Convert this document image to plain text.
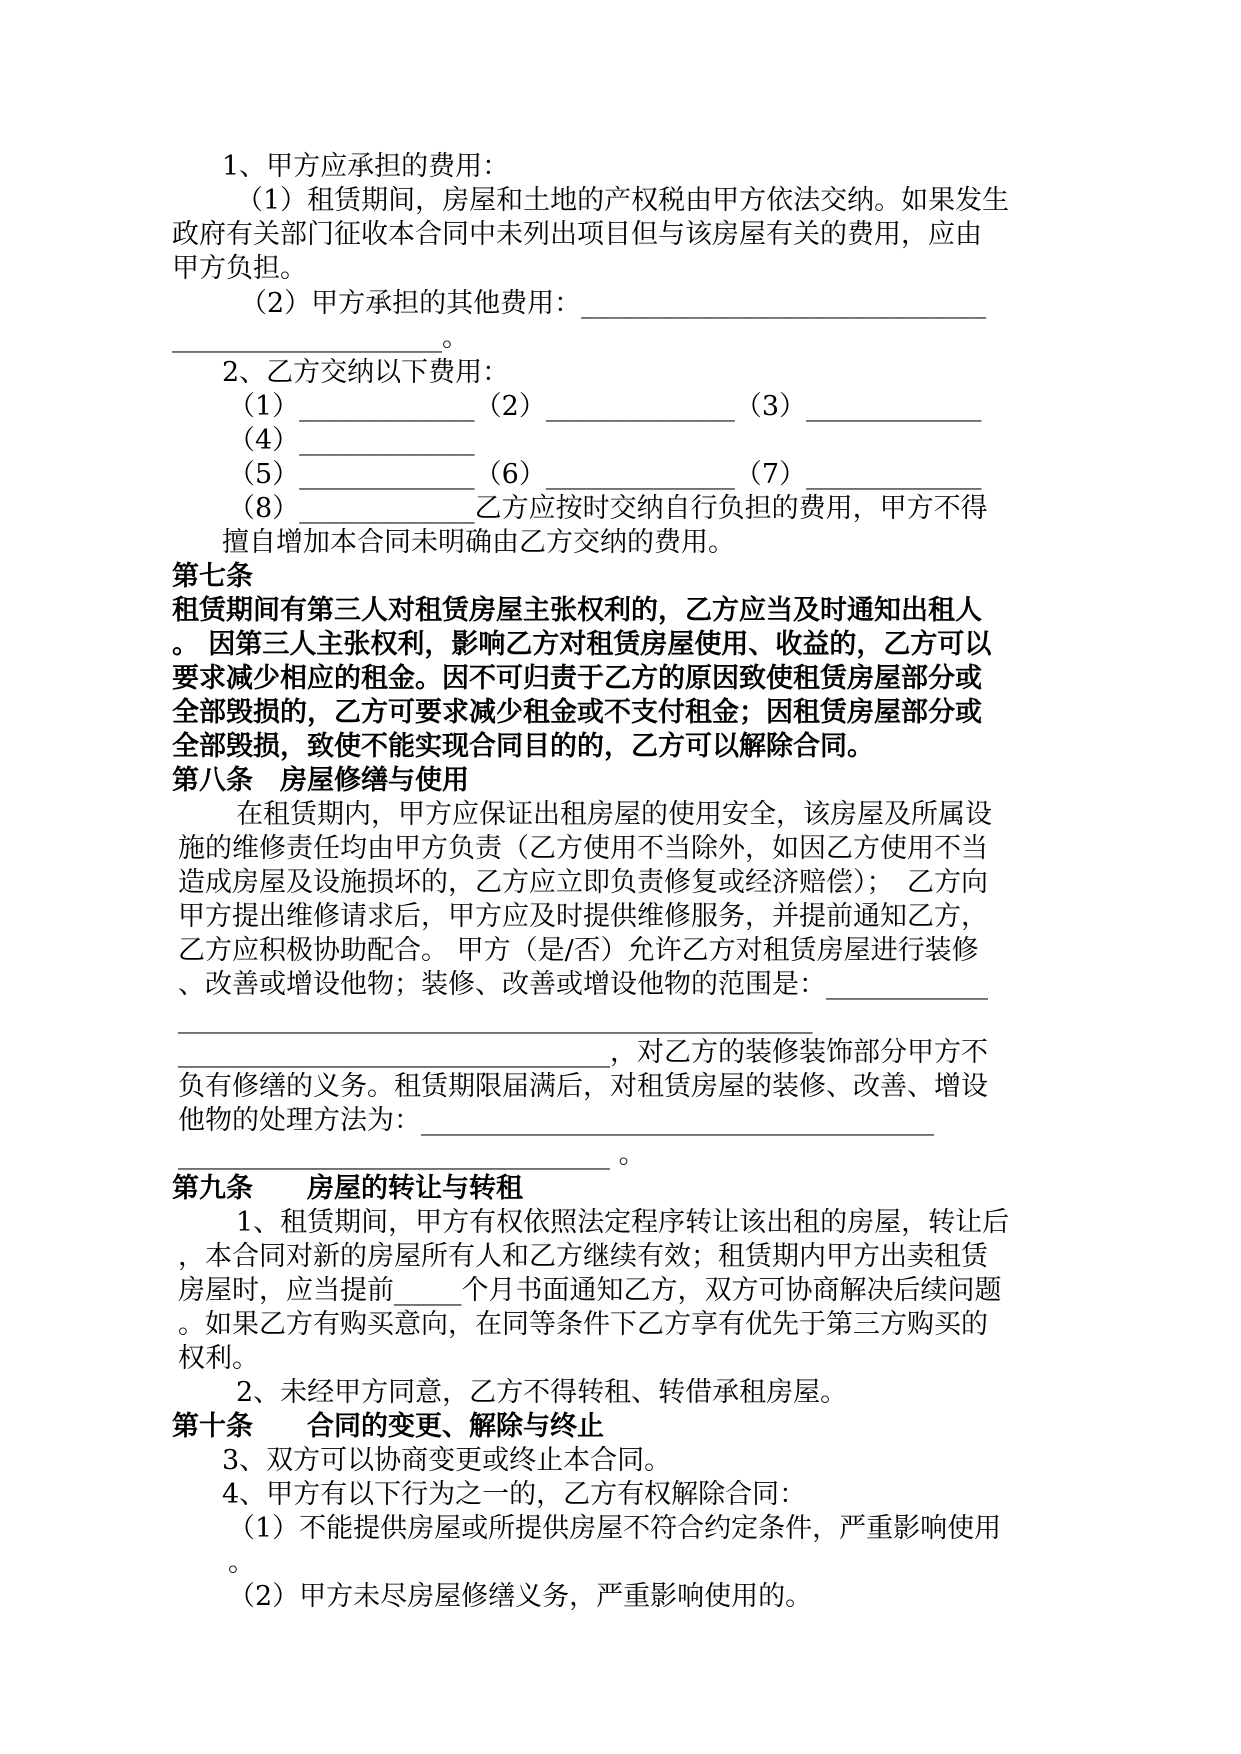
1、甲方应承担的费用：
（1）租赁期间，房屋和土地的产权税由甲方依法交纳。如果发生
政府有关部门征收本合同中未列出项目但与该房屋有关的费用，应由
甲方负担。
（2）甲方承担的其他费用：______________________________
____________________。
2、乙方交纳以下费用：
（1）_____________（2）______________（3）_____________
（4）_____________
（5）_____________（6）______________（7）_____________
（8）_____________乙方应按时交纳自行负担的费用，甲方不得
擅自增加本合同未明确由乙方交纳的费用。
第七条
租赁期间有第三人对租赁房屋主张权利的，乙方应当及时通知出租人
。 因第三人主张权利，影响乙方对租赁房屋使用、收益的，乙方可以
要求减少相应的租金。因不可归责于乙方的原因致使租赁房屋部分或
全部毁损的，乙方可要求减少租金或不支付租金；因租赁房屋部分或
全部毁损，致使不能实现合同目的的，乙方可以解除合同。
第八条　房屋修缮与使用
在租赁期内，甲方应保证出租房屋的使用安全，该房屋及所属设
施的维修责任均由甲方负责（乙方使用不当除外，如因乙方使用不当
造成房屋及设施损坏的，乙方应立即负责修复或经济赔偿）；　乙方向
甲方提出维修请求后，甲方应及时提供维修服务，并提前通知乙方，
乙方应积极协助配合。 甲方（是/否）允许乙方对租赁房屋进行装修
、改善或增设他物；装修、改善或增设他物的范围是：____________
_______________________________________________
________________________________，对乙方的装修装饰部分甲方不
负有修缮的义务。租赁期限届满后，对租赁房屋的装修、改善、增设
他物的处理方法为：______________________________________
________________________________ 。
第九条　　房屋的转让与转租
1、租赁期间，甲方有权依照法定程序转让该出租的房屋，转让后
，本合同对新的房屋所有人和乙方继续有效；租赁期内甲方出卖租赁
房屋时，应当提前_____个月书面通知乙方，双方可协商解决后续问题
。如果乙方有购买意向，在同等条件下乙方享有优先于第三方购买的
权利。
2、未经甲方同意，乙方不得转租、转借承租房屋。
第十条　　合同的变更、解除与终止
3、双方可以协商变更或终止本合同。
4、甲方有以下行为之一的，乙方有权解除合同：
（1）不能提供房屋或所提供房屋不符合约定条件，严重影响使用
。
（2）甲方未尽房屋修缮义务，严重影响使用的。
